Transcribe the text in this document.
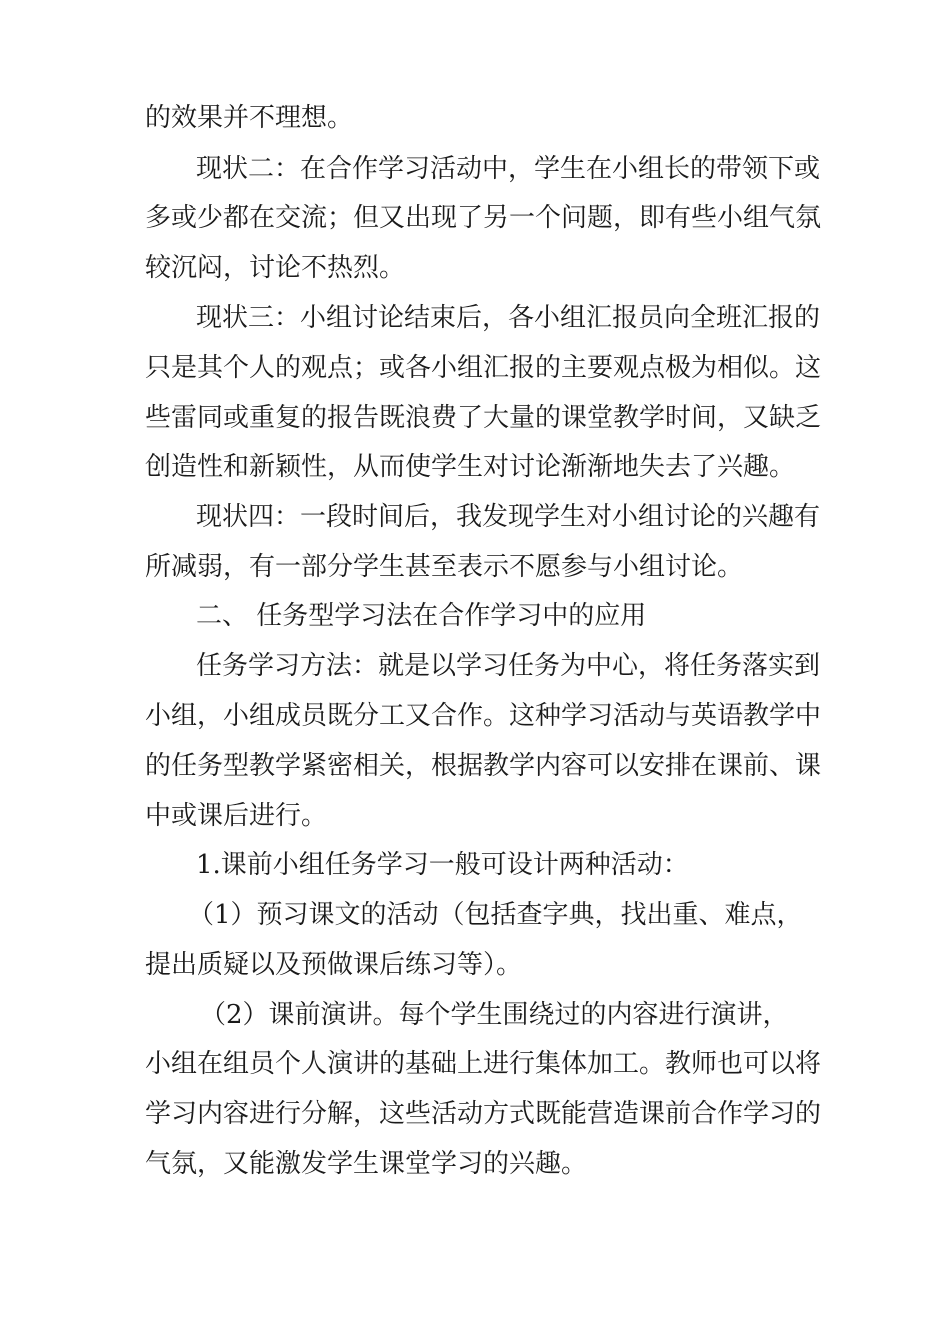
的效果并不理想。

现状二：在合作学习活动中，学生在小组长的带领下或

多或少都在交流；但又出现了另一个问题，即有些小组气氛

较沉闷，讨论不热烈。

现状三：小组讨论结束后，各小组汇报员向全班汇报的

只是其个人的观点；或各小组汇报的主要观点极为相似。这

些雷同或重复的报告既浪费了大量的课堂教学时间，又缺乏

创造性和新颖性，从而使学生对讨论渐渐地失去了兴趣。

现状四：一段时间后，我发现学生对小组讨论的兴趣有

所减弱，有一部分学生甚至表示不愿参与小组讨论。

二、 任务型学习法在合作学习中的应用

任务学习方法：就是以学习任务为中心，将任务落实到

小组，小组成员既分工又合作。这种学习活动与英语教学中

的任务型教学紧密相关，根据教学内容可以安排在课前、课

中或课后进行。

1.课前小组任务学习一般可设计两种活动：

（1）预习课文的活动（包括查字典，找出重、难点，

提出质疑以及预做课后练习等）。

（2）课前演讲。每个学生围绕过的内容进行演讲，

小组在组员个人演讲的基础上进行集体加工。教师也可以将

学习内容进行分解，这些活动方式既能营造课前合作学习的

气氛，又能激发学生课堂学习的兴趣。
